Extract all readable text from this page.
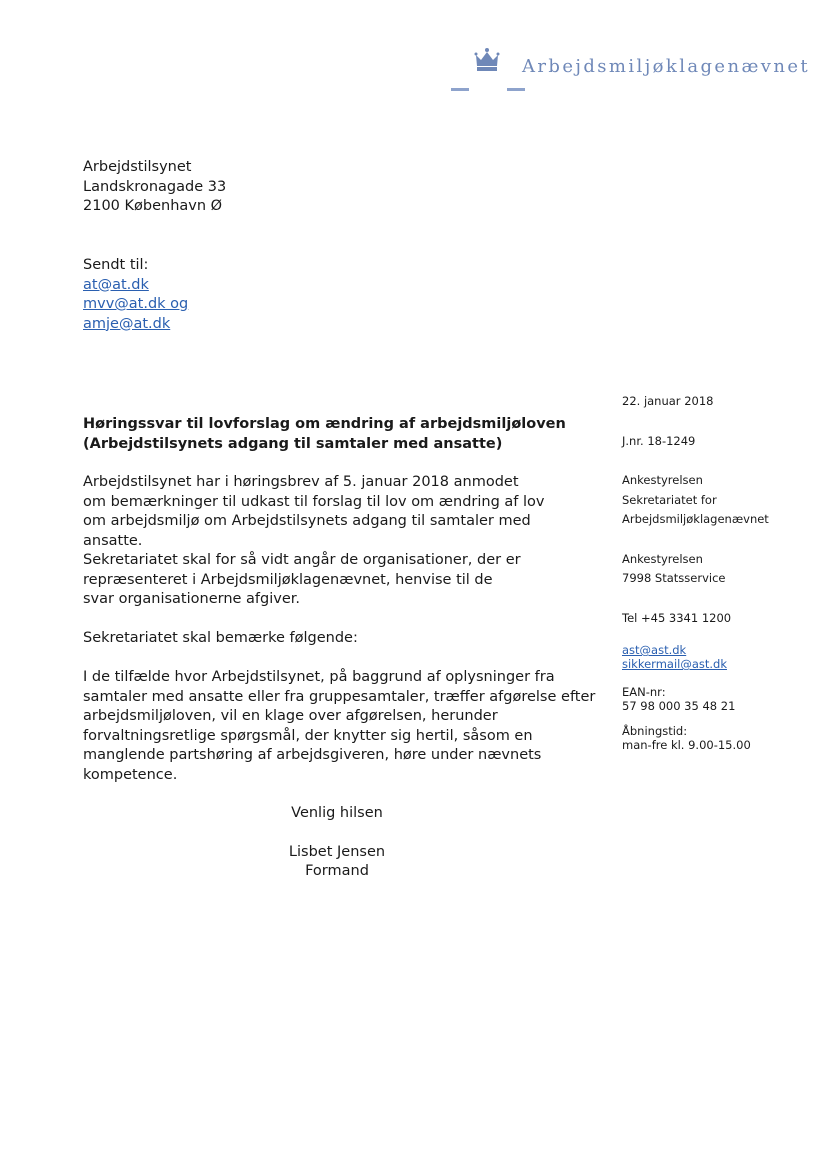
Arbejdsmiljøklagenævnet
Arbejdstilsynet
Landskronagade 33
2100 København Ø
Sendt til:
at@at.dk
mvv@at.dk og
amje@at.dk
Høringssvar til lovforslag om ændring af arbejdsmiljøloven
(Arbejdstilsynets adgang til samtaler med ansatte)

Arbejdstilsynet har i høringsbrev af 5. januar 2018 anmodet om bemærkninger til udkast til forslag til lov om ændring af lov om arbejdsmiljø om Arbejdstilsynets adgang til samtaler med ansatte.

Sekretariatet skal for så vidt angår de organisationer, der er repræsenteret i Arbejdsmiljøklagenævnet, henvise til de svar organisationerne afgiver.

Sekretariatet skal bemærke følgende:

I de tilfælde hvor Arbejdstilsynet, på baggrund af oplysninger fra samtaler med ansatte eller fra gruppesamtaler, træffer afgørelse efter arbejdsmiljøloven, vil en klage over afgørelsen, herunder forvaltningsretlige spørgsmål, der knytter sig hertil, såsom en manglende partshøring af arbejdsgiveren, høre under nævnets kompetence.

Venlig hilsen
Lisbet Jensen
Formand
22. januar 2018
J.nr. 18-1249
Ankestyrelsen
Sekretariatet for
Arbejdsmiljøklagenævnet
Ankestyrelsen
7998 Statsservice
Tel +45 3341 1200
ast@ast.dk
sikkermail@ast.dk
EAN-nr:
57 98 000 35 48 21
Åbningstid:
man-fre kl. 9.00-15.00
